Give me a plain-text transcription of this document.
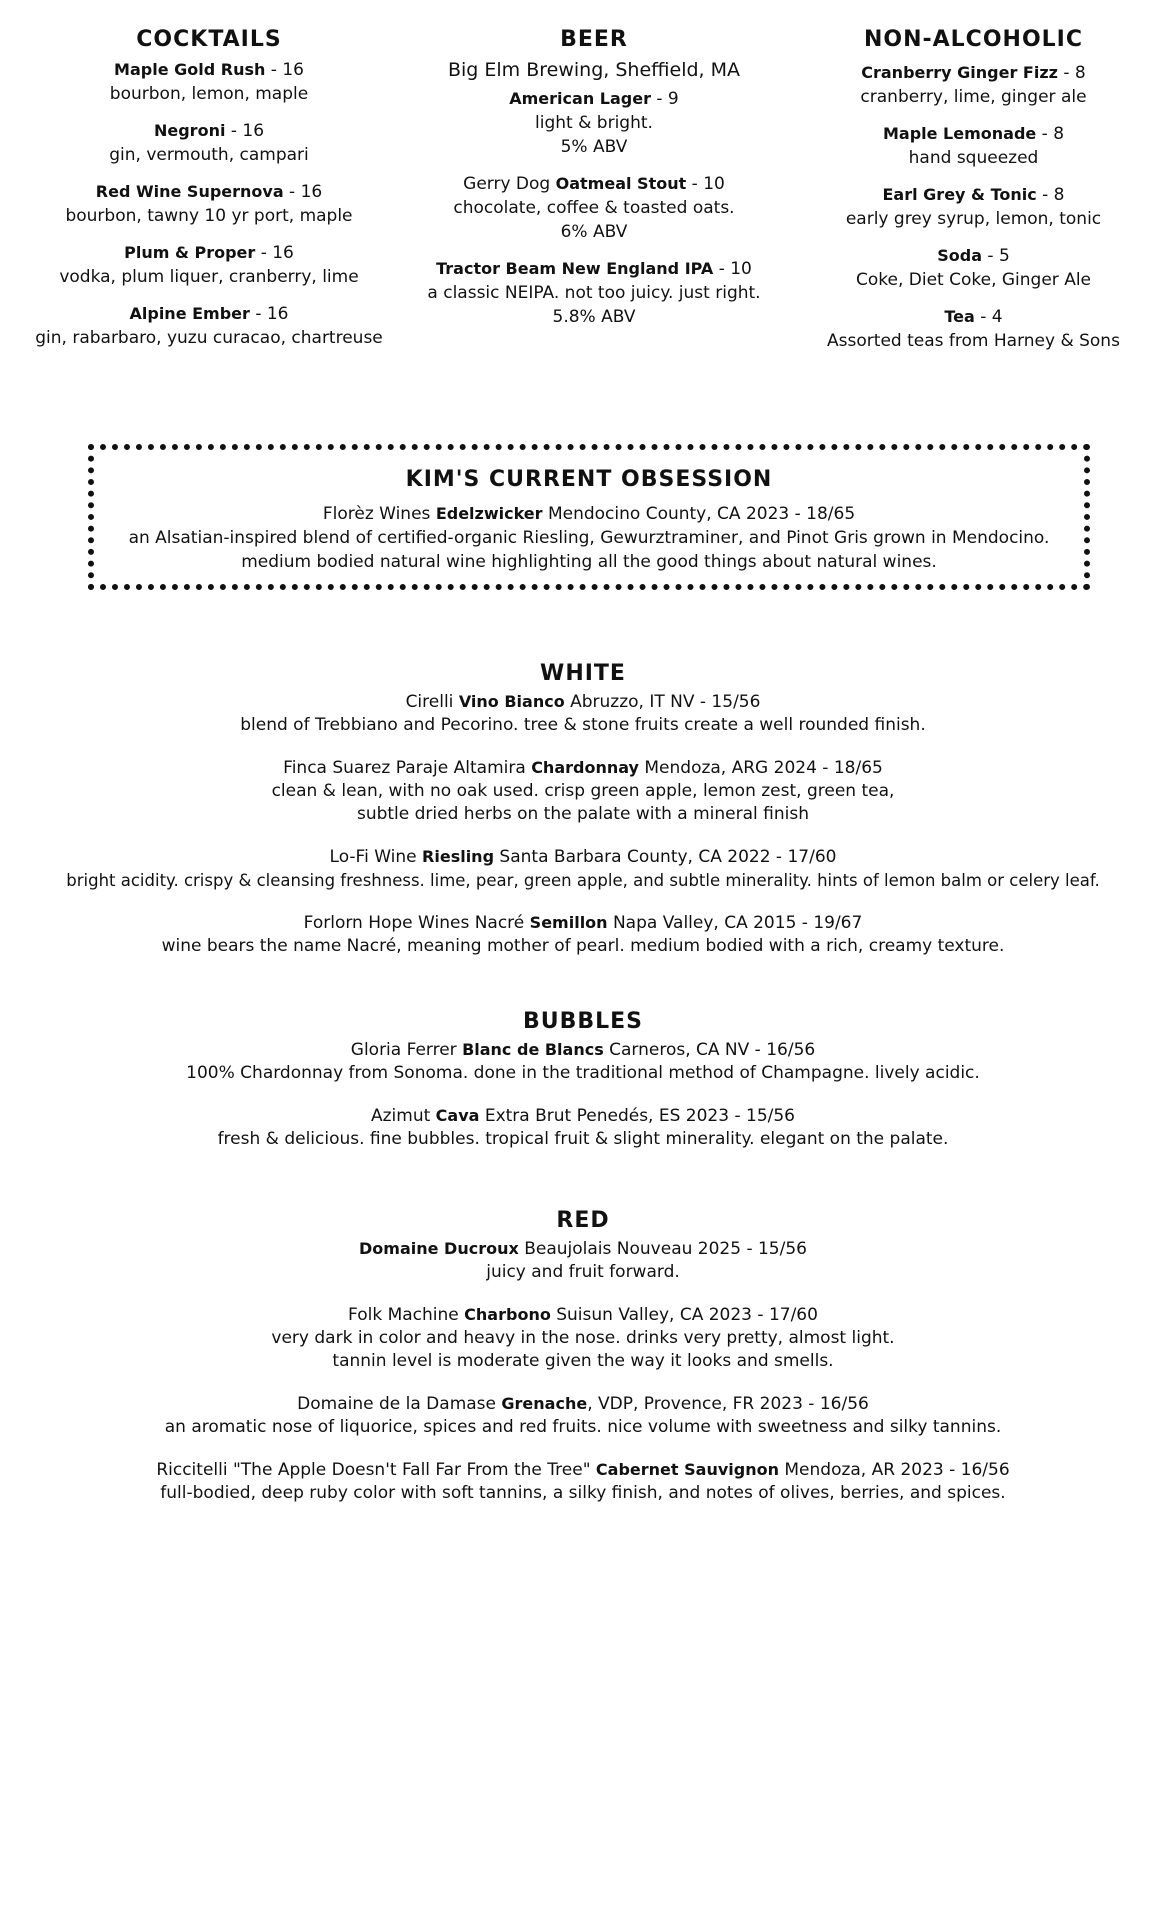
COCKTAILS
Maple Gold Rush - 16
bourbon, lemon, maple
Negroni - 16
gin, vermouth, campari
Red Wine Supernova - 16
bourbon, tawny 10 yr port, maple
Plum & Proper - 16
vodka, plum liquer, cranberry, lime
Alpine Ember - 16
gin, rabarbaro, yuzu curacao, chartreuse
BEER
Big Elm Brewing, Sheffield, MA
American Lager - 9
light & bright.
5% ABV
Gerry Dog Oatmeal Stout - 10
chocolate, coffee & toasted oats.
6% ABV
Tractor Beam New England IPA - 10
a classic NEIPA. not too juicy. just right.
5.8% ABV
NON-ALCOHOLIC
Cranberry Ginger Fizz - 8
cranberry, lime, ginger ale
Maple Lemonade - 8
hand squeezed
Earl Grey & Tonic - 8
early grey syrup, lemon, tonic
Soda - 5
Coke, Diet Coke, Ginger Ale
Tea - 4
Assorted teas from Harney & Sons
KIM'S CURRENT OBSESSION
Florèz Wines Edelzwicker Mendocino County, CA 2023 - 18/65
an Alsatian-inspired blend of certified-organic Riesling, Gewurztraminer, and Pinot Gris grown in Mendocino.
medium bodied natural wine highlighting all the good things about natural wines.
WHITE
Cirelli Vino Bianco Abruzzo, IT NV - 15/56
blend of Trebbiano and Pecorino. tree & stone fruits create a well rounded finish.
Finca Suarez Paraje Altamira Chardonnay Mendoza, ARG 2024 - 18/65
clean & lean, with no oak used. crisp green apple, lemon zest, green tea,
subtle dried herbs on the palate with a mineral finish
Lo-Fi Wine Riesling Santa Barbara County, CA 2022 - 17/60
bright acidity. crispy & cleansing freshness. lime, pear, green apple, and subtle minerality. hints of lemon balm or celery leaf.
Forlorn Hope Wines Nacré Semillon Napa Valley, CA 2015 - 19/67
wine bears the name Nacré, meaning mother of pearl. medium bodied with a rich, creamy texture.
BUBBLES
Gloria Ferrer Blanc de Blancs Carneros, CA NV - 16/56
100% Chardonnay from Sonoma. done in the traditional method of Champagne. lively acidic.
Azimut Cava Extra Brut Penedés, ES 2023 - 15/56
fresh & delicious. fine bubbles. tropical fruit & slight minerality. elegant on the palate.
RED
Domaine Ducroux Beaujolais Nouveau 2025 - 15/56
juicy and fruit forward.
Folk Machine Charbono Suisun Valley, CA 2023 - 17/60
very dark in color and heavy in the nose. drinks very pretty, almost light.
tannin level is moderate given the way it looks and smells.
Domaine de la Damase Grenache, VDP, Provence, FR 2023 - 16/56
an aromatic nose of liquorice, spices and red fruits. nice volume with sweetness and silky tannins.
Riccitelli "The Apple Doesn't Fall Far From the Tree" Cabernet Sauvignon Mendoza, AR 2023 - 16/56
full-bodied, deep ruby color with soft tannins, a silky finish, and notes of olives, berries, and spices.
